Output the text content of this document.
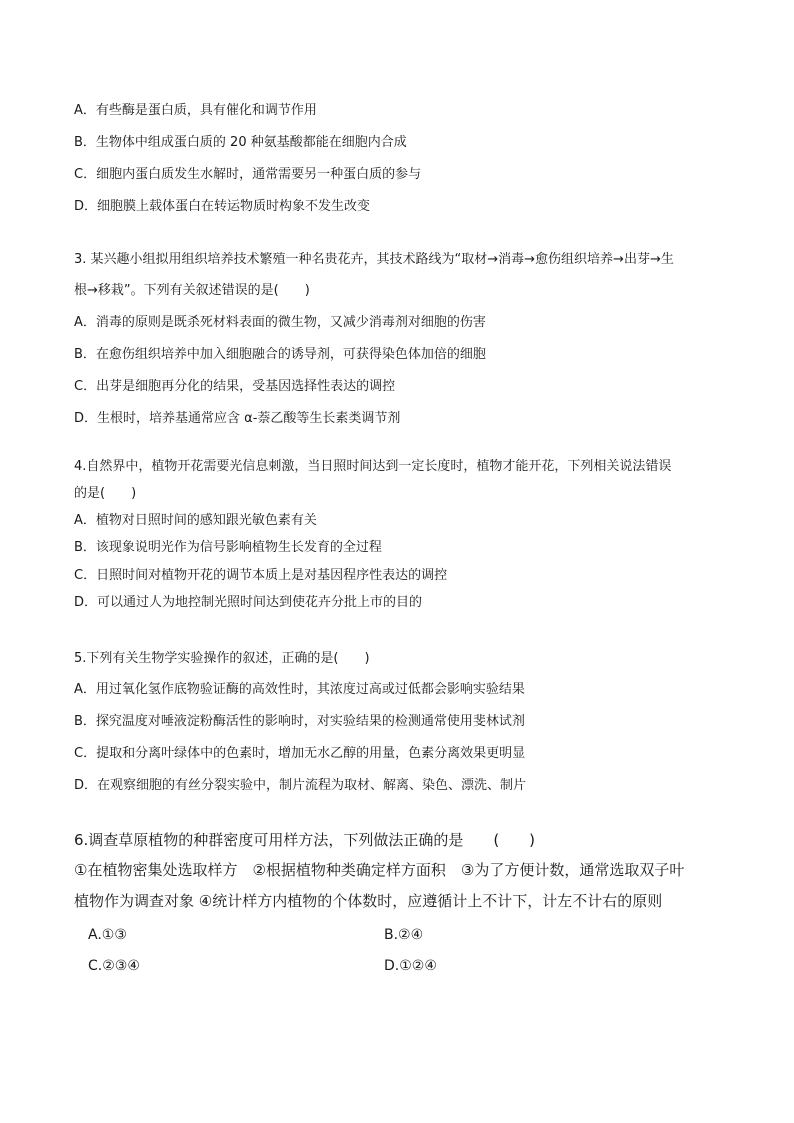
A．有些酶是蛋白质，具有催化和调节作用
B．生物体中组成蛋白质的 20 种氨基酸都能在细胞内合成
C．细胞内蛋白质发生水解时，通常需要另一种蛋白质的参与
D．细胞膜上载体蛋白在转运物质时构象不发生改变
3. 某兴趣小组拟用组织培养技术繁殖一种名贵花卉，其技术路线为“取材→消毒→愈伤组织培养→出芽→生
根→移栽”。下列有关叙述错误的是(　　)
A．消毒的原则是既杀死材料表面的微生物，又减少消毒剂对细胞的伤害
B．在愈伤组织培养中加入细胞融合的诱导剂，可获得染色体加倍的细胞
C．出芽是细胞再分化的结果，受基因选择性表达的调控
D．生根时，培养基通常应含 α-萘乙酸等生长素类调节剂
4.自然界中，植物开花需要光信息刺激，当日照时间达到一定长度时，植物才能开花，下列相关说法错误
的是(　　)
A．植物对日照时间的感知跟光敏色素有关
B．该现象说明光作为信号影响植物生长发育的全过程
C．日照时间对植物开花的调节本质上是对基因程序性表达的调控
D．可以通过人为地控制光照时间达到使花卉分批上市的目的
5.下列有关生物学实验操作的叙述，正确的是(　　)
A．用过氧化氢作底物验证酶的高效性时，其浓度过高或过低都会影响实验结果
B．探究温度对唾液淀粉酶活性的影响时，对实验结果的检测通常使用斐林试剂
C．提取和分离叶绿体中的色素时，增加无水乙醇的用量，色素分离效果更明显
D．在观察细胞的有丝分裂实验中，制片流程为取材、解离、染色、漂洗、制片
6.调查草原植物的种群密度可用样方法，下列做法正确的是　　(　　)
①在植物密集处选取样方　②根据植物种类确定样方面积　③为了方便计数，通常选取双子叶
植物作为调查对象 ④统计样方内植物的个体数时，应遵循计上不计下，计左不计右的原则
A.①③	B.②④
C.②③④	D.①②④
